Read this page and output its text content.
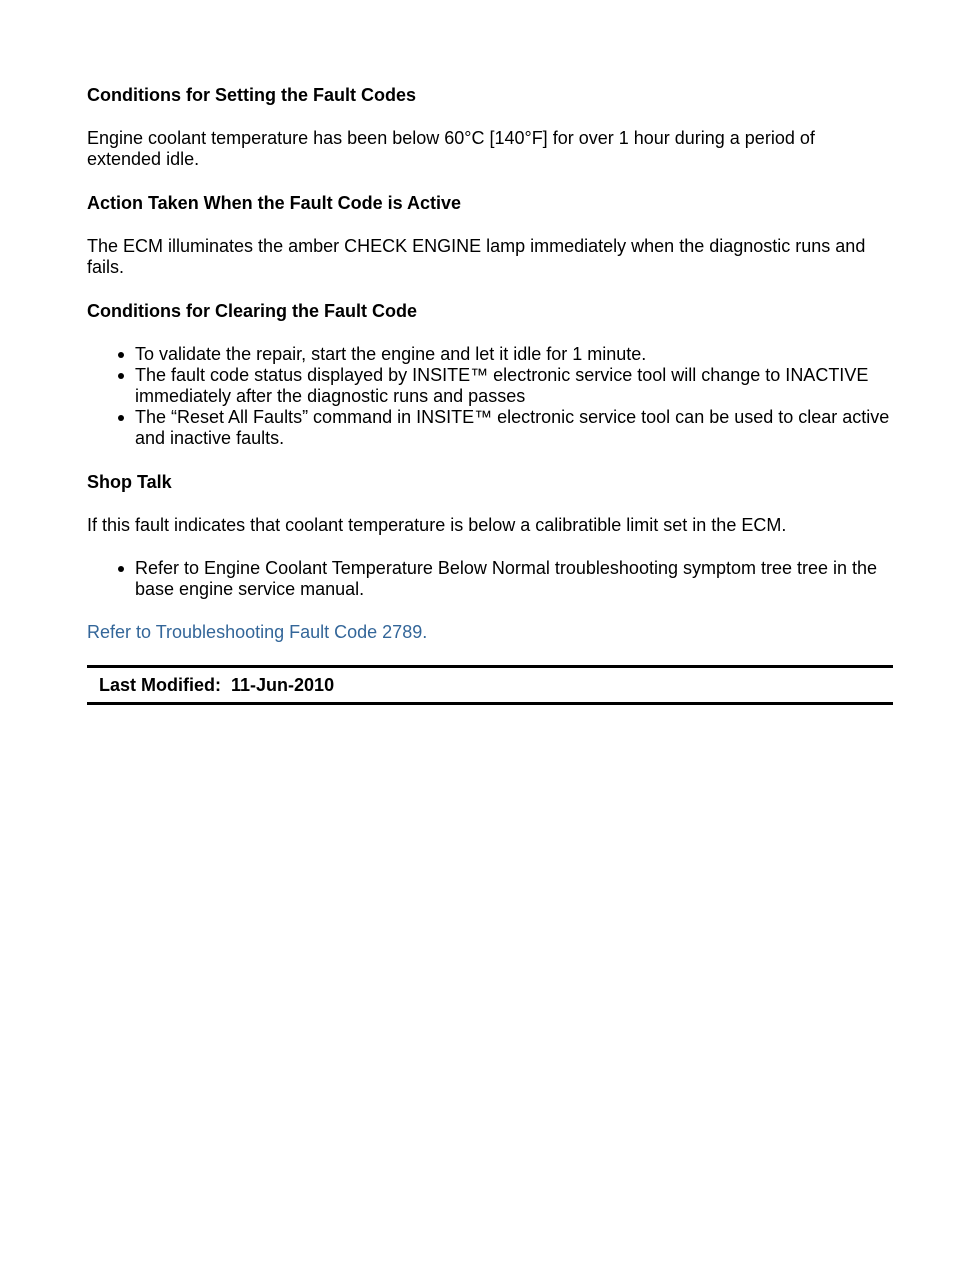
Conditions for Setting the Fault Codes
Engine coolant temperature has been below 60°C [140°F] for over 1 hour during a period of extended idle.
Action Taken When the Fault Code is Active
The ECM illuminates the amber CHECK ENGINE lamp immediately when the diagnostic runs and fails.
Conditions for Clearing the Fault Code
To validate the repair, start the engine and let it idle for 1 minute.
The fault code status displayed by INSITE™ electronic service tool will change to INACTIVE immediately after the diagnostic runs and passes
The “Reset All Faults” command in INSITE™ electronic service tool can be used to clear active and inactive faults.
Shop Talk
If this fault indicates that coolant temperature is below a calibratible limit set in the ECM.
Refer to Engine Coolant Temperature Below Normal troubleshooting symptom tree tree in the base engine service manual.
Refer to Troubleshooting Fault Code 2789.
Last Modified: 11-Jun-2010
